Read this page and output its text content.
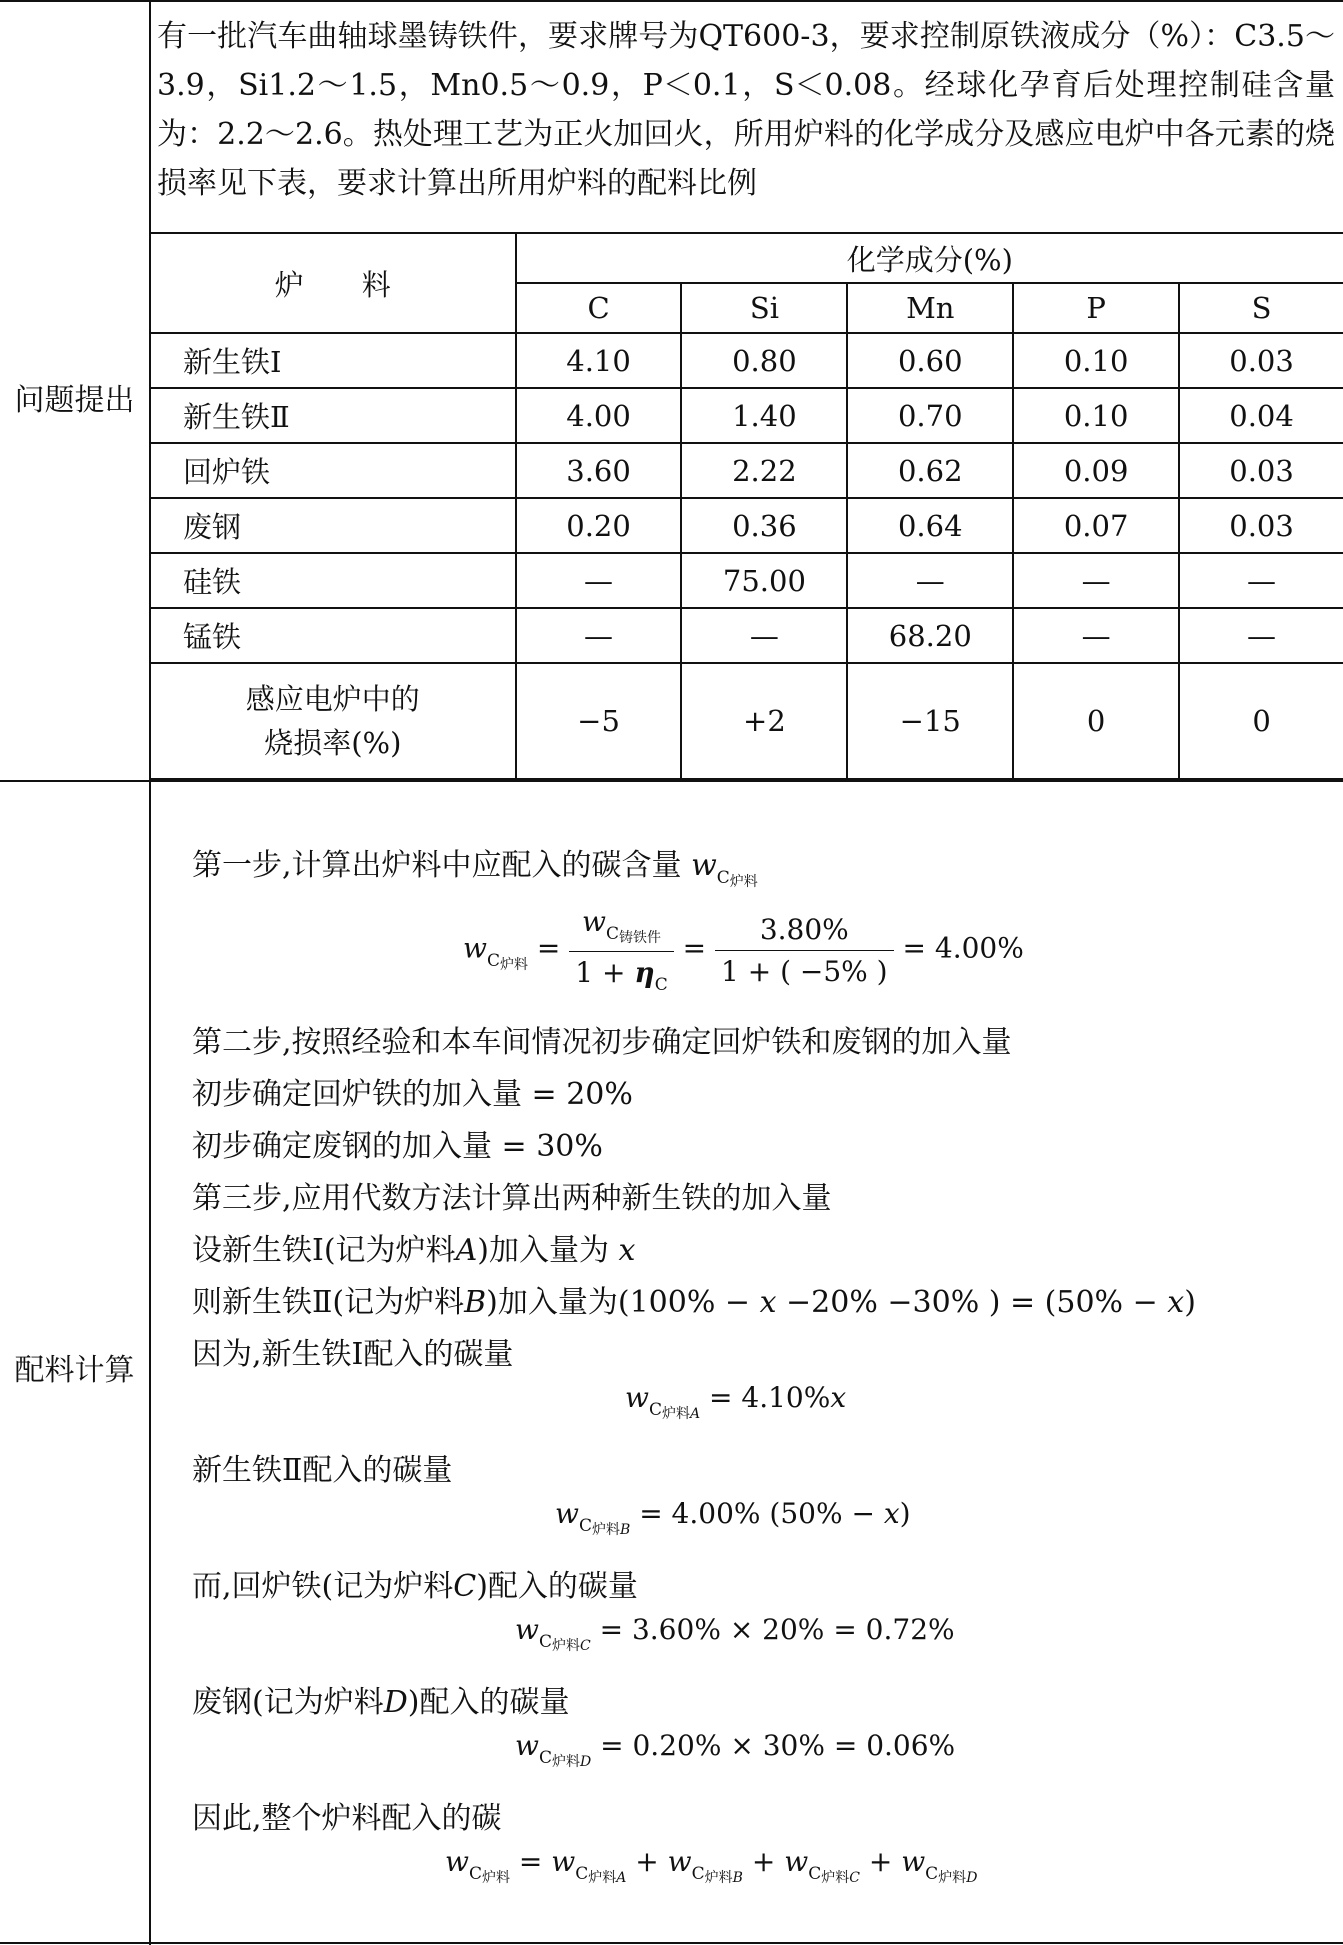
问题提出
配料计算
有一批汽车曲轴球墨铸铁件，要求牌号为QT600-3，要求控制原铁液成分（%）：C3.5～3.9，Si1.2～1.5，Mn0.5～0.9，P＜0.1，S＜0.08。经球化孕育后处理控制硅含量为：2.2～2.6。热处理工艺为正火加回火，所用炉料的化学成分及感应电炉中各元素的烧损率见下表，要求计算出所用炉料的配料比例
炉　　料	化学成分(%)				
	C	Si	Mn	P	S
新生铁Ⅰ	4.10	0.80	0.60	0.10	0.03
新生铁Ⅱ	4.00	1.40	0.70	0.10	0.04
回炉铁	3.60	2.22	0.62	0.09	0.03
废钢	0.20	0.36	0.64	0.07	0.03
硅铁	—	75.00	—	—	—
锰铁	—	—	68.20	—	—
感应电炉中的
烧损率(%)	−5	+2	−15	0	0
第一步,计算出炉料中应配入的碳含量 $w_{C_{炉料}}$
$w_{C_{炉料}} = \frac{w_{C_{铸铁件}}}{1 + \eta_C} = \frac{3.80\%}{1 + ( -5\% )} = 4.00\%$
第二步,按照经验和本车间情况初步确定回炉铁和废钢的加入量
初步确定回炉铁的加入量 = 20%
初步确定废钢的加入量 = 30%
第三步,应用代数方法计算出两种新生铁的加入量
设新生铁Ⅰ(记为炉料A)加入量为 x
则新生铁Ⅱ(记为炉料B)加入量为(100% − x −20% −30% ) = (50% − x)
因为,新生铁Ⅰ配入的碳量
$w_{C_{炉料A}} = 4.10\%x$
新生铁Ⅱ配入的碳量
$w_{C_{炉料B}} = 4.00\%$ (50% − x)
而,回炉铁(记为炉料C)配入的碳量
$w_{C_{炉料C}} = 3.60\% \times 20\% = 0.72\%$
废钢(记为炉料D)配入的碳量
$w_{C_{炉料D}} = 0.20\% \times 30\% = 0.06\%$
因此,整个炉料配入的碳
$w_{C_{炉料}} = w_{C_{炉料A}} + w_{C_{炉料B}} + w_{C_{炉料C}} + w_{C_{炉料D}}$
